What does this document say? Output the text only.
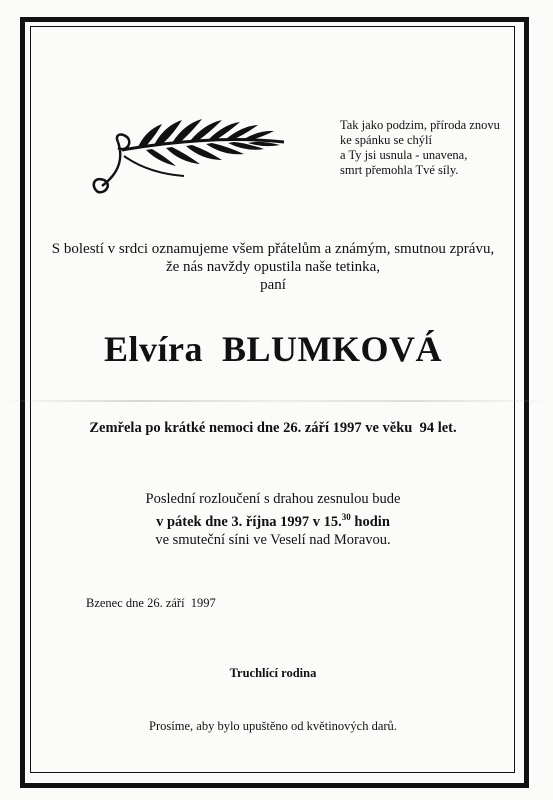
Tak jako podzim, příroda znovu
ke spánku se chýlí
a Ty jsi usnula - unavena,
smrt přemohla Tvé síly.
S bolestí v srdci oznamujeme všem přátelům a známým, smutnou zprávu,
že nás navždy opustila naše tetinka,
paní
Elvíra  BLUMKOVÁ
Zemřela po krátké nemoci dne 26. září 1997 ve věku  94 let.
Poslední rozloučení s drahou zesnulou bude
v pátek dne 3. října 1997 v 15.30 hodin
ve smuteční síni ve Veselí nad Moravou.
Bzenec dne 26. září  1997
Truchlící rodina
Prosíme, aby bylo upuštěno od květinových darů.
